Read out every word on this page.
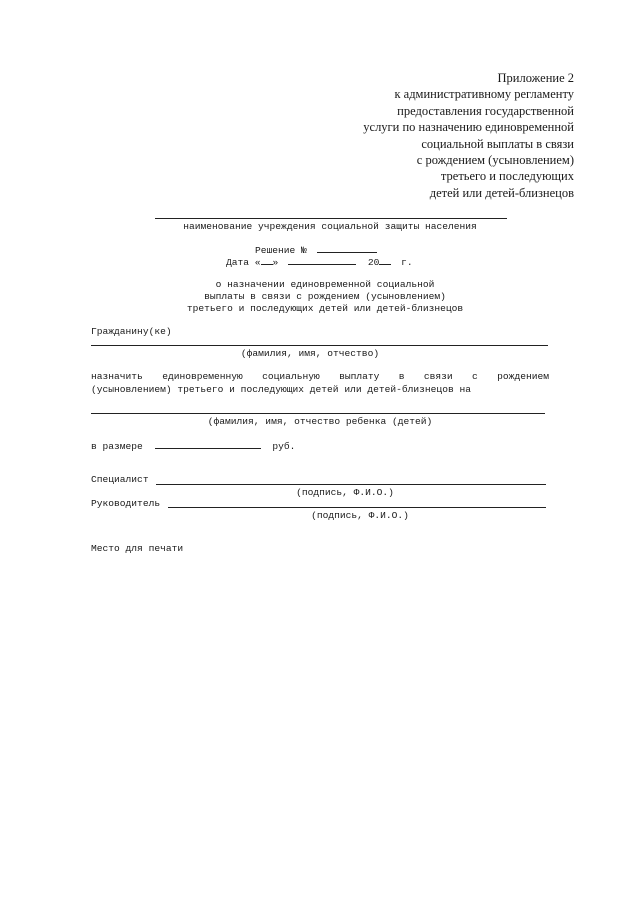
Приложение 2
к административному регламенту
предоставления государственной
услуги по назначению единовременной
социальной выплаты в связи
с рождением (усыновлением)
третьего и последующих
детей или детей-близнецов
наименование учреждения социальной защиты населения
Решение №
Дата « »	20 г.
о назначении единовременной социальной
выплаты в связи с рождением (усыновлением)
третьего и последующих детей или детей-близнецов
Гражданину(ке)
(фамилия, имя, отчество)
назначить единовременную социальную выплату в связи с рождением
(усыновлением) третьего и последующих детей или детей-близнецов на
(фамилия, имя, отчество ребенка (детей)
в размере	руб.
Специалист
(подпись, Ф.И.О.)
Руководитель
(подпись, Ф.И.О.)
Место для печати
